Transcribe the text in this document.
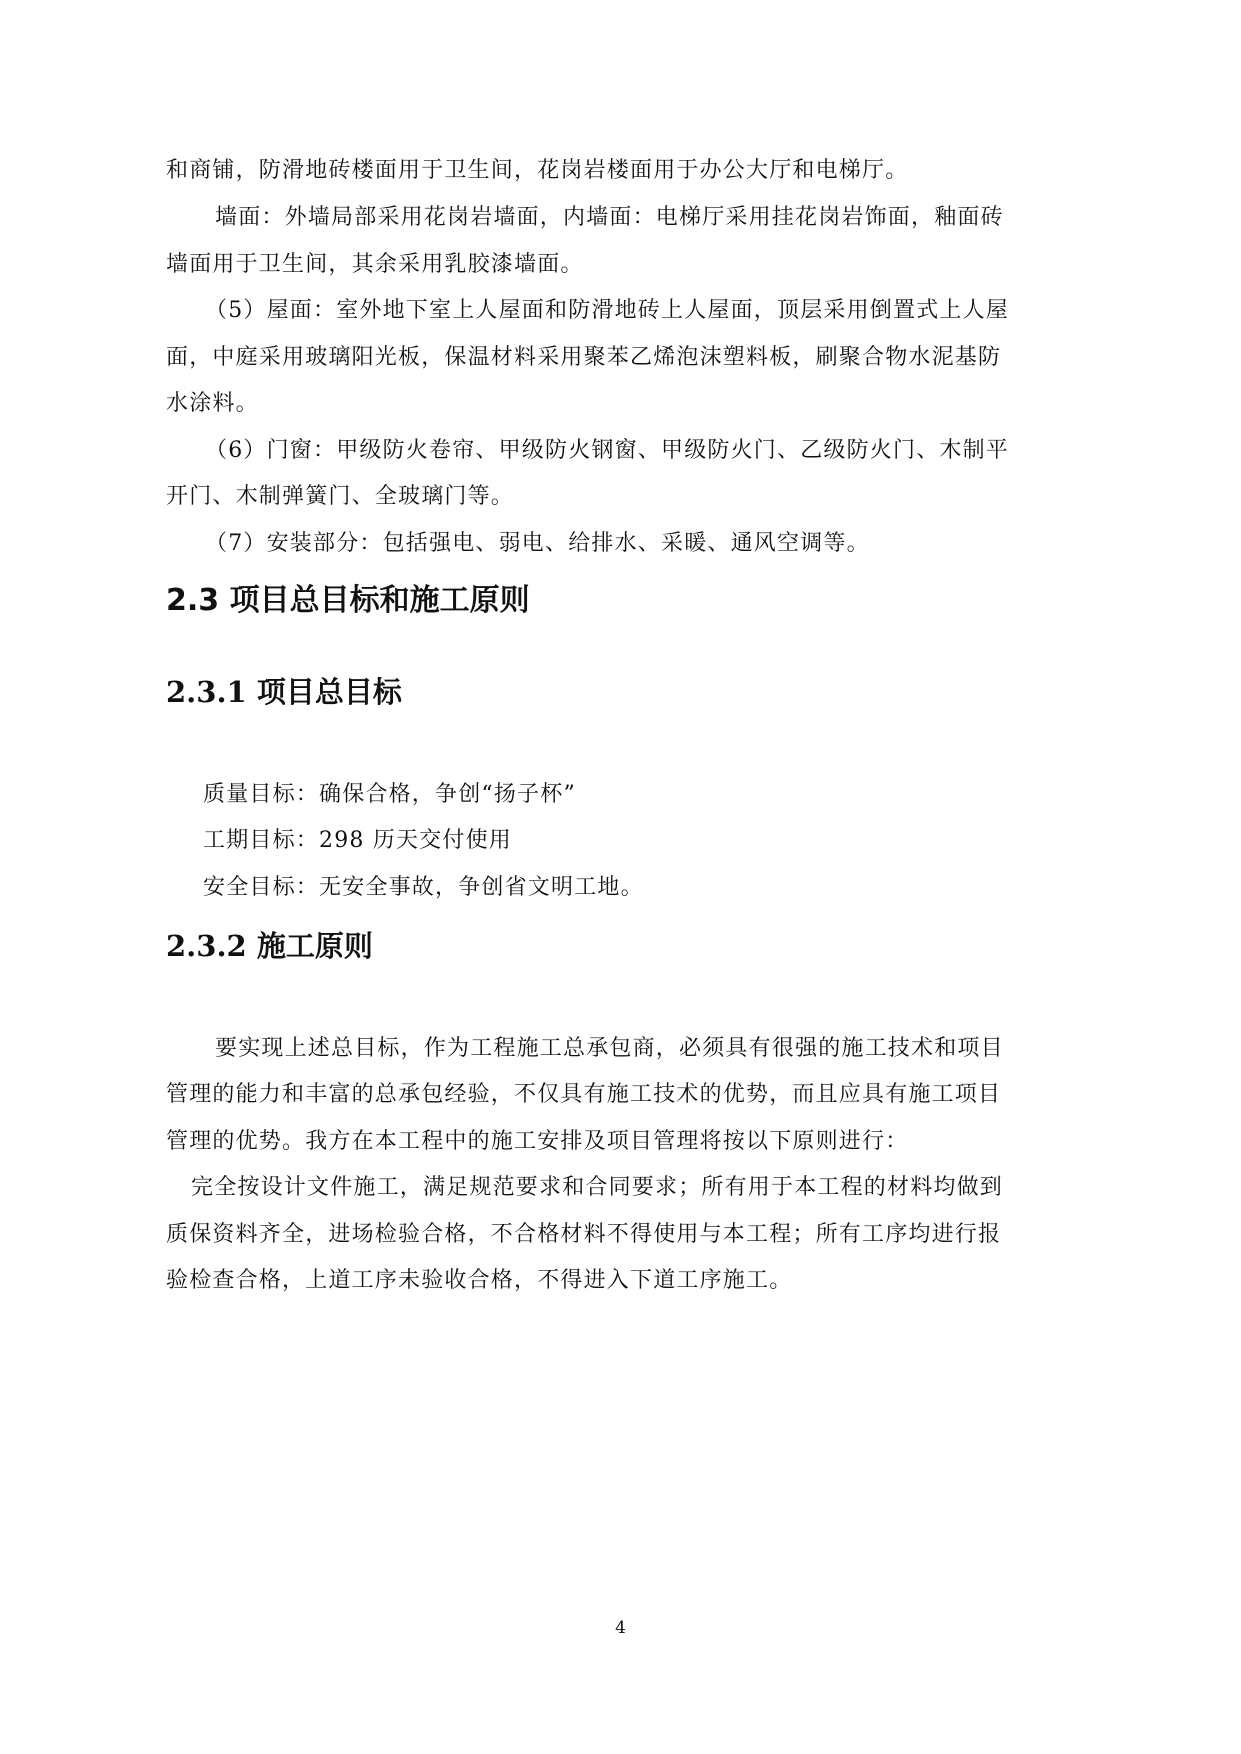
和商铺，防滑地砖楼面用于卫生间，花岗岩楼面用于办公大厅和电梯厅。
墙面：外墙局部采用花岗岩墙面，内墙面：电梯厅采用挂花岗岩饰面，釉面砖
墙面用于卫生间，其余采用乳胶漆墙面。
（5）屋面：室外地下室上人屋面和防滑地砖上人屋面，顶层采用倒置式上人屋
面，中庭采用玻璃阳光板，保温材料采用聚苯乙烯泡沫塑料板，刷聚合物水泥基防
水涂料。
（6）门窗：甲级防火卷帘、甲级防火钢窗、甲级防火门、乙级防火门、木制平
开门、木制弹簧门、全玻璃门等。
（7）安装部分：包括强电、弱电、给排水、采暖、通风空调等。
2.3 项目总目标和施工原则
2.3.1 项目总目标
质量目标：确保合格，争创“扬子杯”
工期目标：298 历天交付使用
安全目标：无安全事故，争创省文明工地。
2.3.2 施工原则
要实现上述总目标，作为工程施工总承包商，必须具有很强的施工技术和项目
管理的能力和丰富的总承包经验，不仅具有施工技术的优势，而且应具有施工项目
管理的优势。我方在本工程中的施工安排及项目管理将按以下原则进行：
完全按设计文件施工，满足规范要求和合同要求；所有用于本工程的材料均做到
质保资料齐全，进场检验合格，不合格材料不得使用与本工程；所有工序均进行报
验检查合格，上道工序未验收合格，不得进入下道工序施工。
4
